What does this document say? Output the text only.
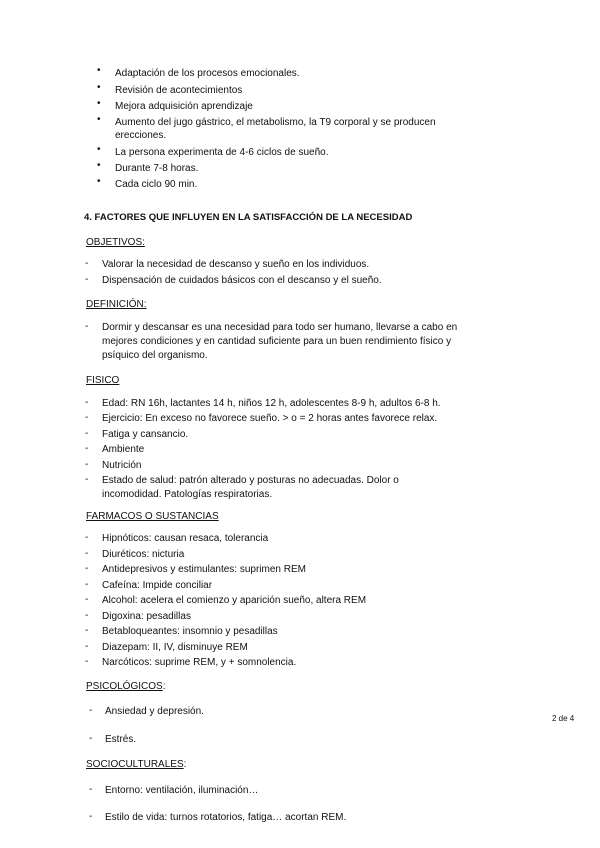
• Adaptación de los procesos emocionales.
• Revisión de acontecimientos
• Mejora adquisición aprendizaje
• Aumento del jugo gástrico, el metabolismo, la T9 corporal y se producen
erecciones.
• La persona experimenta de 4-6 ciclos de sueño.
• Durante 7-8 horas.
• Cada ciclo 90 min.
4. FACTORES QUE INFLUYEN EN LA SATISFACCIÓN DE LA NECESIDAD
OBJETIVOS:
- Valorar la necesidad de descanso y sueño en los individuos.
- Dispensación de cuidados básicos con el descanso y el sueño.
DEFINICIÓN:
- Dormir y descansar es una necesidad para todo ser humano, llevarse a cabo en
mejores condiciones y en cantidad suficiente para un buen rendimiento físico y
psíquico del organismo.
FISICO
- Edad: RN 16h, lactantes 14 h, niños 12 h, adolescentes 8-9 h, adultos 6-8 h.
- Ejercicio: En exceso no favorece sueño. > o = 2 horas antes favorece relax.
- Fatiga y cansancio.
- Ambiente
- Nutrición
- Estado de salud: patrón alterado y posturas no adecuadas. Dolor o
incomodidad. Patologías respiratorias.
FARMACOS O SUSTANCIAS
- Hipnóticos: causan resaca, tolerancia
- Diuréticos: nicturia
- Antidepresivos y estimulantes: suprimen REM
- Cafeína: Impide conciliar
- Alcohol: acelera el comienzo y aparición sueño, altera REM
- Digoxina: pesadillas
- Betabloqueantes: insomnio y pesadillas
- Diazepam: II, IV, disminuye REM
- Narcóticos: suprime REM, y + somnolencia.
PSICOLÓGICOS:
- Ansiedad y depresión.
2 de 4
- Estrés.
SOCIOCULTURALES:
- Entorno: ventilación, iluminación…
- Estilo de vida: turnos rotatorios, fatiga… acortan REM.
